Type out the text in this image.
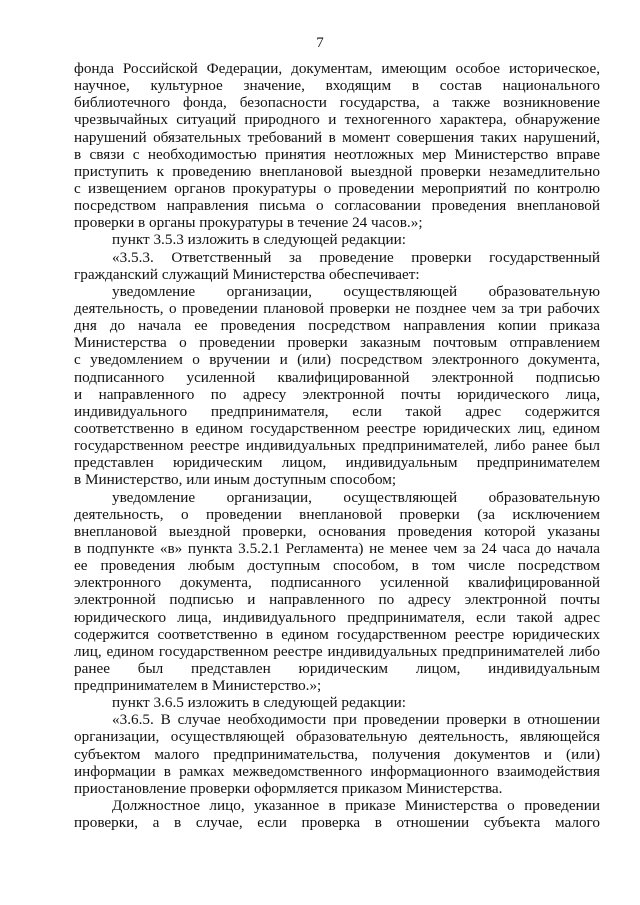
7
фонда Российской Федерации, документам, имеющим особое историческое,
научное, культурное значение, входящим в состав национального
библиотечного фонда, безопасности государства, а также возникновение
чрезвычайных ситуаций природного и техногенного характера, обнаружение
нарушений обязательных требований в момент совершения таких нарушений,
в связи с необходимостью принятия неотложных мер Министерство вправе
приступить к проведению внеплановой выездной проверки незамедлительно
с извещением органов прокуратуры о проведении мероприятий по контролю
посредством направления письма о согласовании проведения внеплановой
проверки в органы прокуратуры в течение 24 часов.»;
пункт 3.5.3 изложить в следующей редакции:
«3.5.3. Ответственный за проведение проверки государственный
гражданский служащий Министерства обеспечивает:
уведомление организации, осуществляющей образовательную
деятельность, о проведении плановой проверки не позднее чем за три рабочих
дня до начала ее проведения посредством направления копии приказа
Министерства о проведении проверки заказным почтовым отправлением
с уведомлением о вручении и (или) посредством электронного документа,
подписанного усиленной квалифицированной электронной подписью
и направленного по адресу электронной почты юридического лица,
индивидуального предпринимателя, если такой адрес содержится
соответственно в едином государственном реестре юридических лиц, едином
государственном реестре индивидуальных предпринимателей, либо ранее был
представлен юридическим лицом, индивидуальным предпринимателем
в Министерство, или иным доступным способом;
уведомление организации, осуществляющей образовательную
деятельность, о проведении внеплановой проверки (за исключением
внеплановой выездной проверки, основания проведения которой указаны
в подпункте «в» пункта 3.5.2.1 Регламента) не менее чем за 24 часа до начала
ее проведения любым доступным способом, в том числе посредством
электронного документа, подписанного усиленной квалифицированной
электронной подписью и направленного по адресу электронной почты
юридического лица, индивидуального предпринимателя, если такой адрес
содержится соответственно в едином государственном реестре юридических
лиц, едином государственном реестре индивидуальных предпринимателей либо
ранее был представлен юридическим лицом, индивидуальным
предпринимателем в Министерство.»;
пункт 3.6.5 изложить в следующей редакции:
«3.6.5. В случае необходимости при проведении проверки в отношении
организации, осуществляющей образовательную деятельность, являющейся
субъектом малого предпринимательства, получения документов и (или)
информации в рамках межведомственного информационного взаимодействия
приостановление проверки оформляется приказом Министерства.
Должностное лицо, указанное в приказе Министерства о проведении
проверки, а в случае, если проверка в отношении субъекта малого
